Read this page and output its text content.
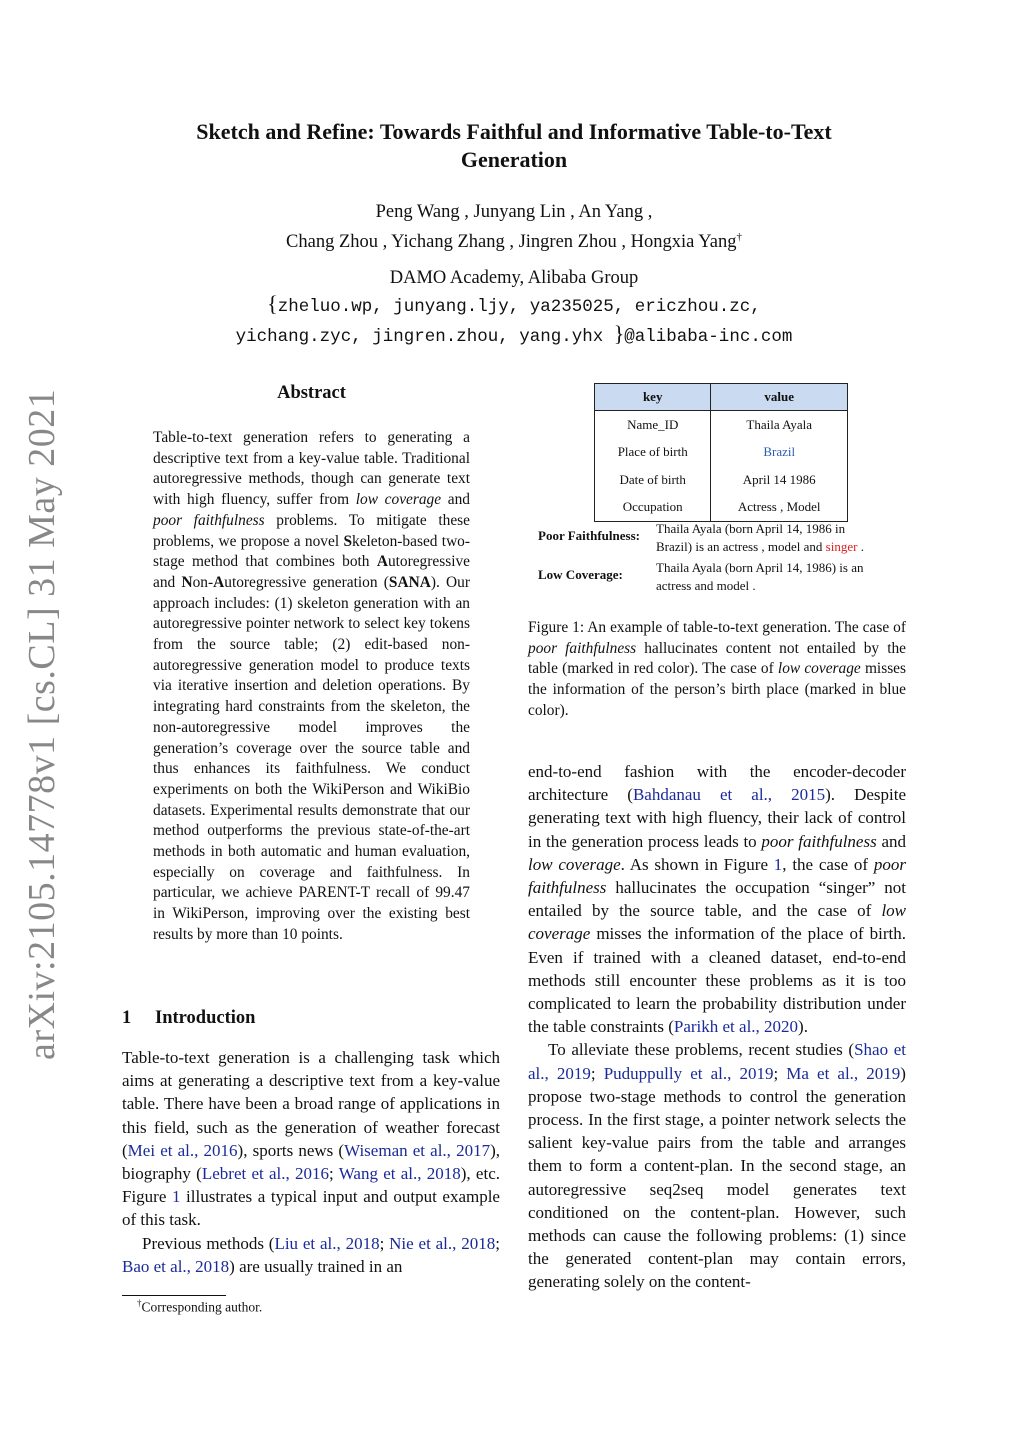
Sketch and Refine: Towards Faithful and Informative Table-to-Text
Generation
Peng Wang , Junyang Lin , An Yang ,
Chang Zhou , Yichang Zhang , Jingren Zhou , Hongxia Yang†
DAMO Academy, Alibaba Group
{zheluo.wp, junyang.ljy, ya235025, ericzhou.zc,
yichang.zyc, jingren.zhou, yang.yhx }@alibaba-inc.com
arXiv:2105.14778v1 [cs.CL] 31 May 2021	Abstract
Table-to-text generation refers to generating a descriptive text from a key-value table. Traditional autoregressive methods, though can generate text with high fluency, suffer from low coverage and poor faithfulness problems. To mitigate these problems, we propose a novel Skeleton-based two-stage method that combines both Autoregressive and Non-Autoregressive generation (SANA). Our approach includes: (1) skeleton generation with an autoregressive pointer network to select key tokens from the source table; (2) edit-based non-autoregressive generation model to produce texts via iterative insertion and deletion operations. By integrating hard constraints from the skeleton, the non-autoregressive model improves the generation’s coverage over the source table and thus enhances its faithfulness. We conduct experiments on both the WikiPerson and WikiBio datasets. Experimental results demonstrate that our method outperforms the previous state-of-the-art methods in both automatic and human evaluation, especially on coverage and faithfulness. In particular, we achieve PARENT-T recall of 99.47 in WikiPerson, improving over the existing best results by more than 10 points.
1 Introduction

Table-to-text generation is a challenging task which aims at generating a descriptive text from a key-value table. There have been a broad range of applications in this field, such as the generation of weather forecast (Mei et al., 2016), sports news (Wiseman et al., 2017), biography (Lebret et al., 2016; Wang et al., 2018), etc. Figure 1 illustrates a typical input and output example of this task.

Previous methods (Liu et al., 2018; Nie et al., 2018; Bao et al., 2018) are usually trained in an

†Corresponding author.
key	value
Name_ID	Thaila Ayala
Place of birth	Brazil
Date of birth	April 14 1986
Occupation	Actress , Model
Poor Faithfulness: Thaila Ayala (born April 14, 1986 in
Brazil) is an actress , model and singer .
Low Coverage:	Thaila Ayala (born April 14, 1986) is an
actress and model .
Figure 1: An example of table-to-text generation. The case of poor faithfulness hallucinates content not entailed by the table (marked in red color). The case of low coverage misses the information of the person’s birth place (marked in blue color).

end-to-end fashion with the encoder-decoder architecture (Bahdanau et al., 2015). Despite generating text with high fluency, their lack of control in the generation process leads to poor faithfulness and low coverage. As shown in Figure 1, the case of poor faithfulness hallucinates the occupation “singer” not entailed by the source table, and the case of low coverage misses the information of the place of birth. Even if trained with a cleaned dataset, end-to-end methods still encounter these problems as it is too complicated to learn the probability distribution under the table constraints (Parikh et al., 2020).

To alleviate these problems, recent studies (Shao et al., 2019; Puduppully et al., 2019; Ma et al., 2019) propose two-stage methods to control the generation process. In the first stage, a pointer network selects the salient key-value pairs from the table and arranges them to form a content-plan. In the second stage, an autoregressive seq2seq model generates text conditioned on the content-plan. However, such methods can cause the following problems: (1) since the generated content-plan may contain errors, generating solely on the content-
